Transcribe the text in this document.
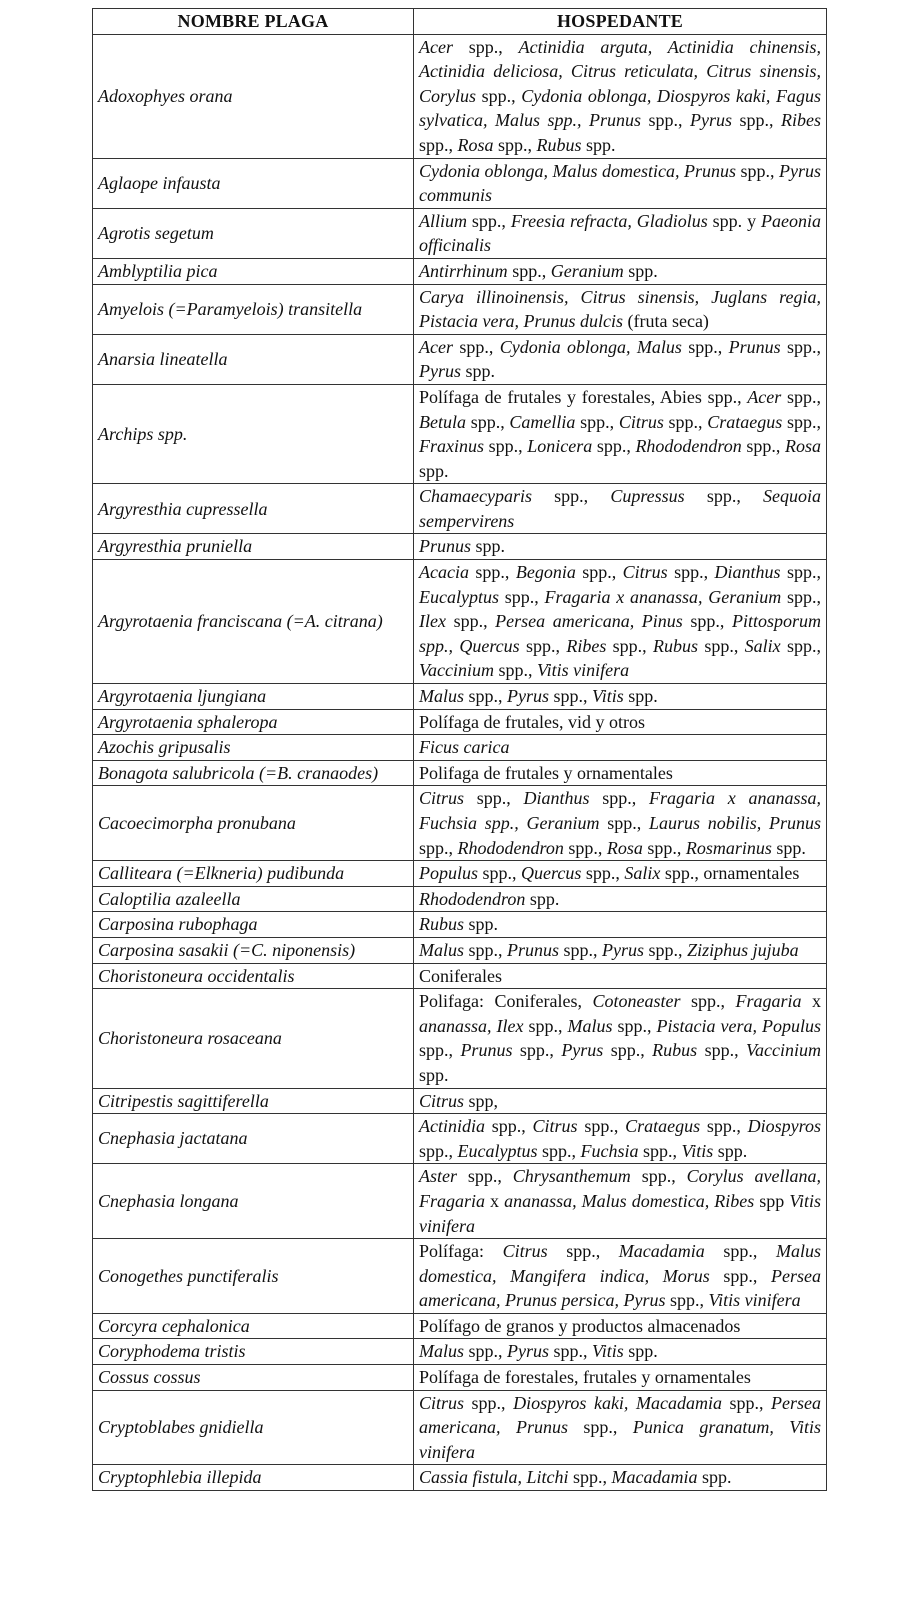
NOMBRE PLAGA	HOSPEDANTE
Adoxophyes orana	Acer spp., Actinidia arguta, Actinidia chinensis, Actinidia deliciosa, Citrus reticulata, Citrus sinensis, Corylus spp., Cydonia oblonga, Diospyros kaki, Fagus sylvatica, Malus spp., Prunus spp., Pyrus spp., Ribes spp., Rosa spp., Rubus spp.
Aglaope infausta	Cydonia oblonga, Malus domestica, Prunus spp., Pyrus communis
Agrotis segetum	Allium spp., Freesia refracta, Gladiolus spp. y Paeonia officinalis
Amblyptilia pica	Antirrhinum spp., Geranium spp.
Amyelois (=Paramyelois) transitella	Carya illinoinensis, Citrus sinensis, Juglans regia, Pistacia vera, Prunus dulcis (fruta seca)
Anarsia lineatella	Acer spp., Cydonia oblonga, Malus spp., Prunus spp., Pyrus spp.
Archips spp.	Polífaga de frutales y forestales, Abies spp., Acer spp., Betula spp., Camellia spp., Citrus spp., Crataegus spp., Fraxinus spp., Lonicera spp., Rhododendron spp., Rosa spp.
Argyresthia cupressella	Chamaecyparis spp., Cupressus spp., Sequoia sempervirens
Argyresthia pruniella	Prunus spp.
Argyrotaenia franciscana (=A. citrana)	Acacia spp., Begonia spp., Citrus spp., Dianthus spp., Eucalyptus spp., Fragaria x ananassa, Geranium spp., Ilex spp., Persea americana, Pinus spp., Pittosporum spp., Quercus spp., Ribes spp., Rubus spp., Salix spp., Vaccinium spp., Vitis vinifera
Argyrotaenia ljungiana	Malus spp., Pyrus spp., Vitis spp.
Argyrotaenia sphaleropa	Polífaga de frutales, vid y otros
Azochis gripusalis	Ficus carica
Bonagota salubricola (=B. cranaodes)	Polifaga de frutales y ornamentales
Cacoecimorpha pronubana	Citrus spp., Dianthus spp., Fragaria x ananassa, Fuchsia spp., Geranium spp., Laurus nobilis, Prunus spp., Rhododendron spp., Rosa spp., Rosmarinus spp.
Calliteara (=Elkneria) pudibunda	Populus spp., Quercus spp., Salix spp., ornamentales
Caloptilia azaleella	Rhododendron spp.
Carposina rubophaga	Rubus spp.
Carposina sasakii (=C. niponensis)	Malus spp., Prunus spp., Pyrus spp., Ziziphus jujuba
Choristoneura occidentalis	Coniferales
Choristoneura rosaceana	Polifaga: Coniferales, Cotoneaster spp., Fragaria x ananassa, Ilex spp., Malus spp., Pistacia vera, Populus spp., Prunus spp., Pyrus spp., Rubus spp., Vaccinium spp.
Citripestis sagittiferella	Citrus spp,
Cnephasia jactatana	Actinidia spp., Citrus spp., Crataegus spp., Diospyros spp., Eucalyptus spp., Fuchsia spp., Vitis spp.
Cnephasia longana	Aster spp., Chrysanthemum spp., Corylus avellana, Fragaria x ananassa, Malus domestica, Ribes spp Vitis vinifera
Conogethes punctiferalis	Polífaga: Citrus spp., Macadamia spp., Malus domestica, Mangifera indica, Morus spp., Persea americana, Prunus persica, Pyrus spp., Vitis vinifera
Corcyra cephalonica	Polífago de granos y productos almacenados
Coryphodema tristis	Malus spp., Pyrus spp., Vitis spp.
Cossus cossus	Polífaga de forestales, frutales y ornamentales
Cryptoblabes gnidiella	Citrus spp., Diospyros kaki, Macadamia spp., Persea americana, Prunus spp., Punica granatum, Vitis vinifera
Cryptophlebia illepida	Cassia fistula, Litchi spp., Macadamia spp.
